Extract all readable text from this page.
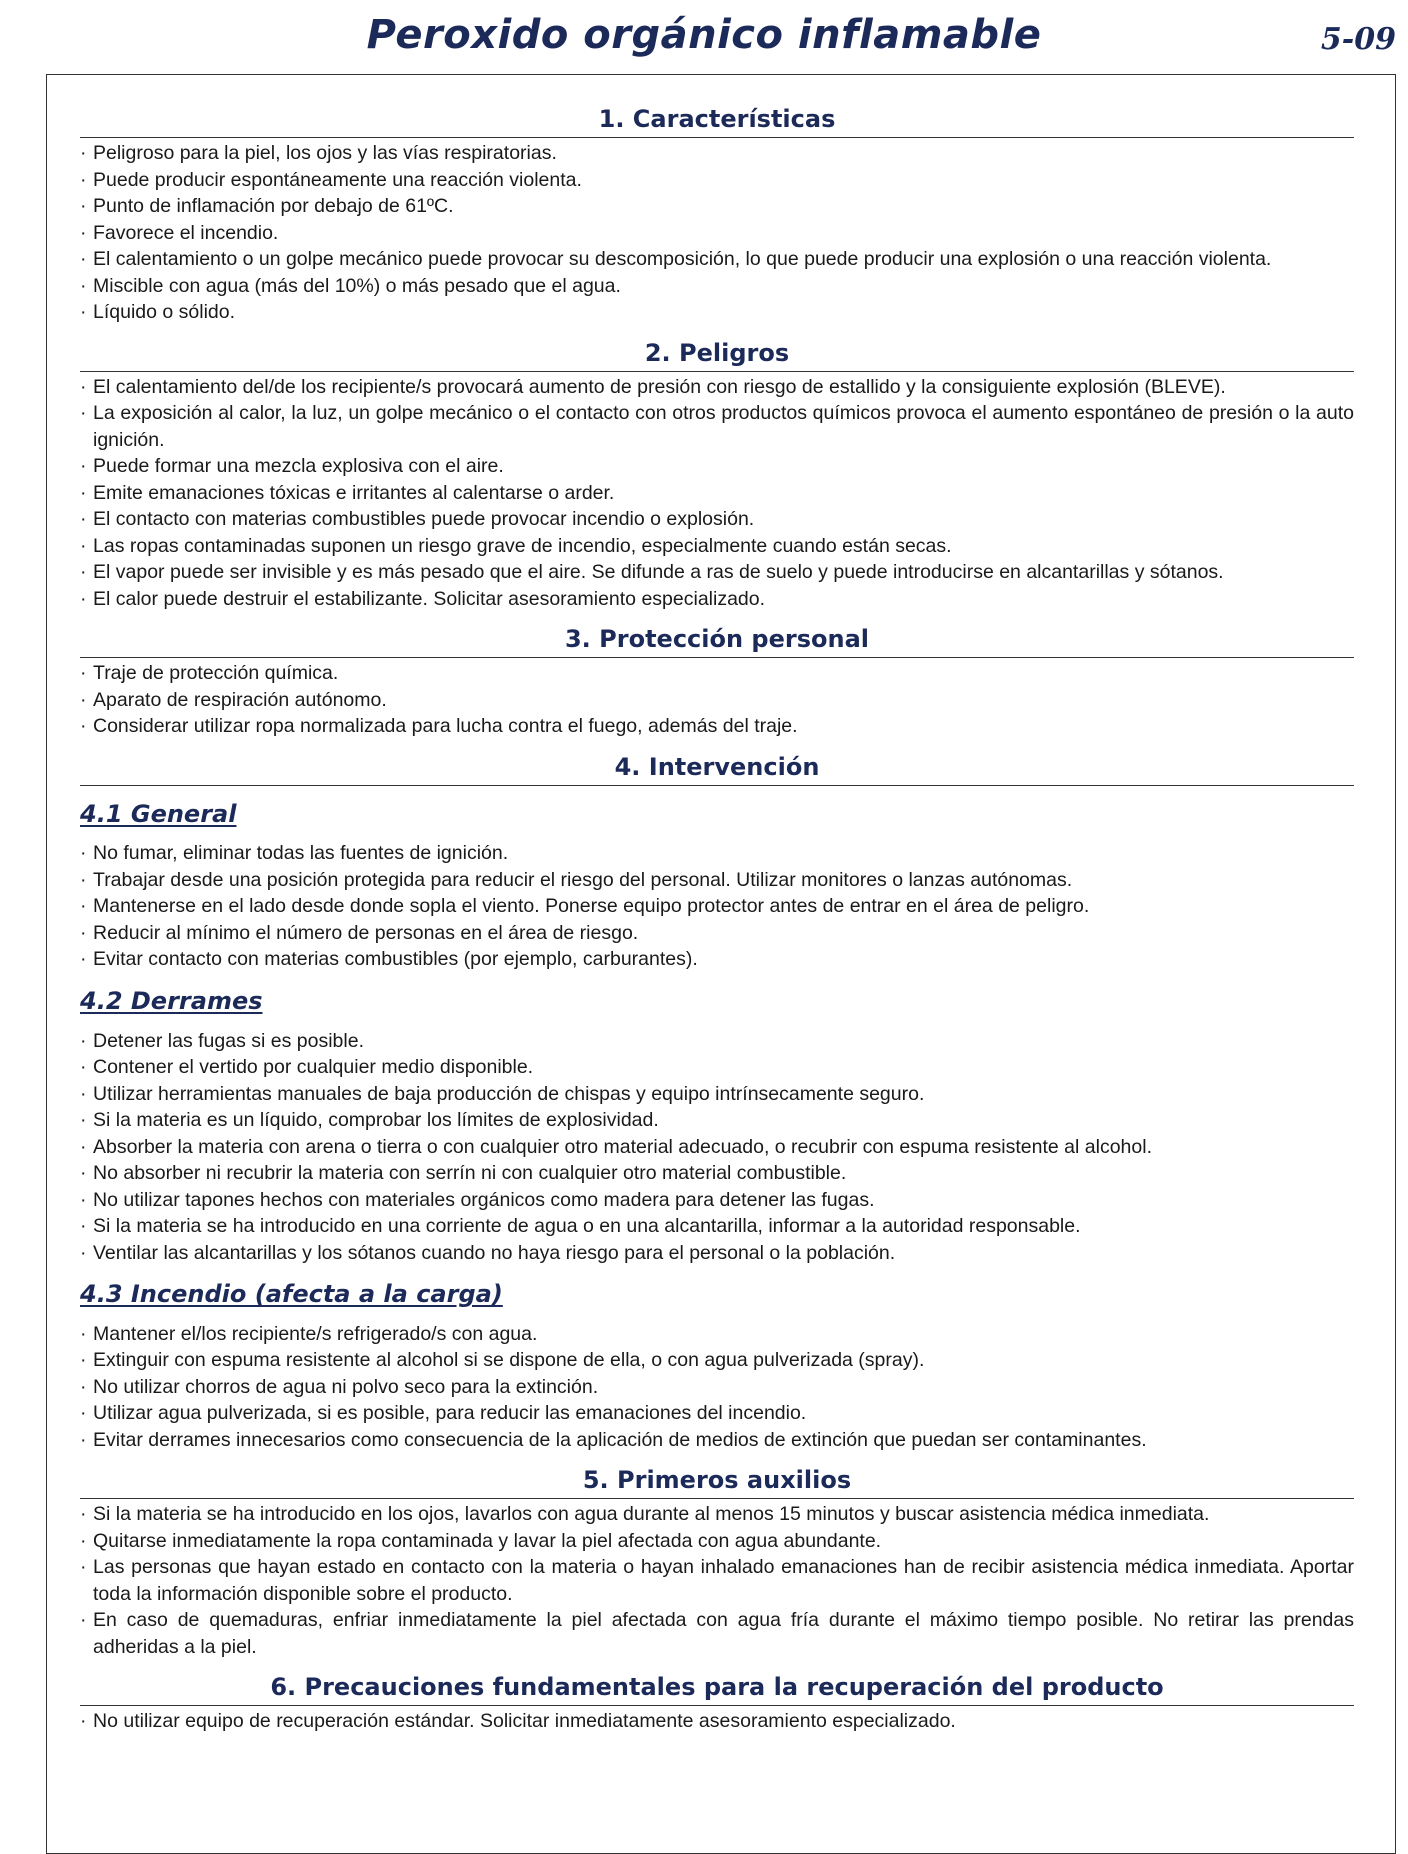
Peroxido orgánico inflamable	5-09
1. Características
· Peligroso para la piel, los ojos y las vías respiratorias.
· Puede producir espontáneamente una reacción violenta.
· Punto de inflamación por debajo de 61ºC.
· Favorece el incendio.
· El calentamiento o un golpe mecánico puede provocar su descomposición, lo que puede producir una explosión o una reacción violenta.
· Miscible con agua (más del 10%) o más pesado que el agua.
· Líquido o sólido.
2. Peligros
· El calentamiento del/de los recipiente/s provocará aumento de presión con riesgo de estallido y la consiguiente explosión (BLEVE).
· La exposición al calor, la luz, un golpe mecánico o el contacto con otros productos químicos provoca el aumento espontáneo de presión o la auto ignición.
· Puede formar una mezcla explosiva con el aire.
· Emite emanaciones tóxicas e irritantes al calentarse o arder.
· El contacto con materias combustibles puede provocar incendio o explosión.
· Las ropas contaminadas suponen un riesgo grave de incendio, especialmente cuando están secas.
· El vapor puede ser invisible y es más pesado que el aire. Se difunde a ras de suelo y puede introducirse en alcantarillas y sótanos.
· El calor puede destruir el estabilizante. Solicitar asesoramiento especializado.
3. Protección personal
· Traje de protección química.
· Aparato de respiración autónomo.
· Considerar utilizar ropa normalizada para lucha contra el fuego, además del traje.
4. Intervención
4.1 General
· No fumar, eliminar todas las fuentes de ignición.
· Trabajar desde una posición protegida para reducir el riesgo del personal. Utilizar monitores o lanzas autónomas.
· Mantenerse en el lado desde donde sopla el viento. Ponerse equipo protector antes de entrar en el área de peligro.
· Reducir al mínimo el número de personas en el área de riesgo.
· Evitar contacto con materias combustibles (por ejemplo, carburantes).
4.2 Derrames
· Detener las fugas si es posible.
· Contener el vertido por cualquier medio disponible.
· Utilizar herramientas manuales de baja producción de chispas y equipo intrínsecamente seguro.
· Si la materia es un líquido, comprobar los límites de explosividad.
· Absorber la materia con arena o tierra o con cualquier otro material adecuado, o recubrir con espuma resistente al alcohol.
· No absorber ni recubrir la materia con serrín ni con cualquier otro material combustible.
· No utilizar tapones hechos con materiales orgánicos como madera para detener las fugas.
· Si la materia se ha introducido en una corriente de agua o en una alcantarilla, informar a la autoridad responsable.
· Ventilar las alcantarillas y los sótanos cuando no haya riesgo para el personal o la población.
4.3 Incendio (afecta a la carga)
· Mantener el/los recipiente/s refrigerado/s con agua.
· Extinguir con espuma resistente al alcohol si se dispone de ella, o con agua pulverizada (spray).
· No utilizar chorros de agua ni polvo seco para la extinción.
· Utilizar agua pulverizada, si es posible, para reducir las emanaciones del incendio.
· Evitar derrames innecesarios como consecuencia de la aplicación de medios de extinción que puedan ser contaminantes.
5. Primeros auxilios
· Si la materia se ha introducido en los ojos, lavarlos con agua durante al menos 15 minutos y buscar asistencia médica inmediata.
· Quitarse inmediatamente la ropa contaminada y lavar la piel afectada con agua abundante.
· Las personas que hayan estado en contacto con la materia o hayan inhalado emanaciones han de recibir asistencia médica inmediata. Aportar toda la información disponible sobre el producto.
· En caso de quemaduras, enfriar inmediatamente la piel afectada con agua fría durante el máximo tiempo posible. No retirar las prendas adheridas a la piel.
6. Precauciones fundamentales para la recuperación del producto
· No utilizar equipo de recuperación estándar. Solicitar inmediatamente asesoramiento especializado.
